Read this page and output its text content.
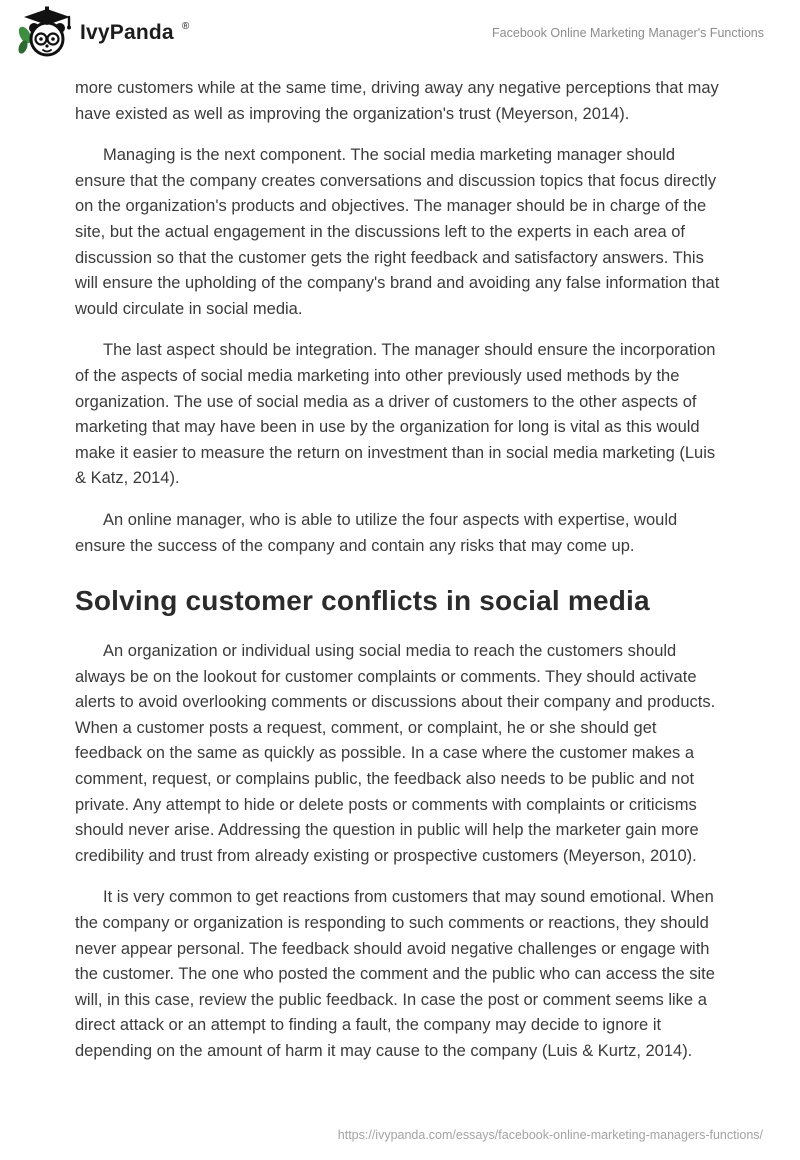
IvyPanda ®	Facebook Online Marketing Manager's Functions

more customers while at the same time, driving away any negative perceptions that may have existed as well as improving the organization's trust (Meyerson, 2014).

Managing is the next component. The social media marketing manager should ensure that the company creates conversations and discussion topics that focus directly on the organization's products and objectives. The manager should be in charge of the site, but the actual engagement in the discussions left to the experts in each area of discussion so that the customer gets the right feedback and satisfactory answers. This will ensure the upholding of the company's brand and avoiding any false information that would circulate in social media.

The last aspect should be integration. The manager should ensure the incorporation of the aspects of social media marketing into other previously used methods by the organization. The use of social media as a driver of customers to the other aspects of marketing that may have been in use by the organization for long is vital as this would make it easier to measure the return on investment than in social media marketing (Luis & Katz, 2014).

An online manager, who is able to utilize the four aspects with expertise, would ensure the success of the company and contain any risks that may come up.

Solving customer conflicts in social media

An organization or individual using social media to reach the customers should always be on the lookout for customer complaints or comments. They should activate alerts to avoid overlooking comments or discussions about their company and products. When a customer posts a request, comment, or complaint, he or she should get feedback on the same as quickly as possible. In a case where the customer makes a comment, request, or complains public, the feedback also needs to be public and not private. Any attempt to hide or delete posts or comments with complaints or criticisms should never arise. Addressing the question in public will help the marketer gain more credibility and trust from already existing or prospective customers (Meyerson, 2010).

It is very common to get reactions from customers that may sound emotional. When the company or organization is responding to such comments or reactions, they should never appear personal. The feedback should avoid negative challenges or engage with the customer. The one who posted the comment and the public who can access the site will, in this case, review the public feedback. In case the post or comment seems like a direct attack or an attempt to finding a fault, the company may decide to ignore it depending on the amount of harm it may cause to the company (Luis & Kurtz, 2014).

https://ivypanda.com/essays/facebook-online-marketing-managers-functions/
